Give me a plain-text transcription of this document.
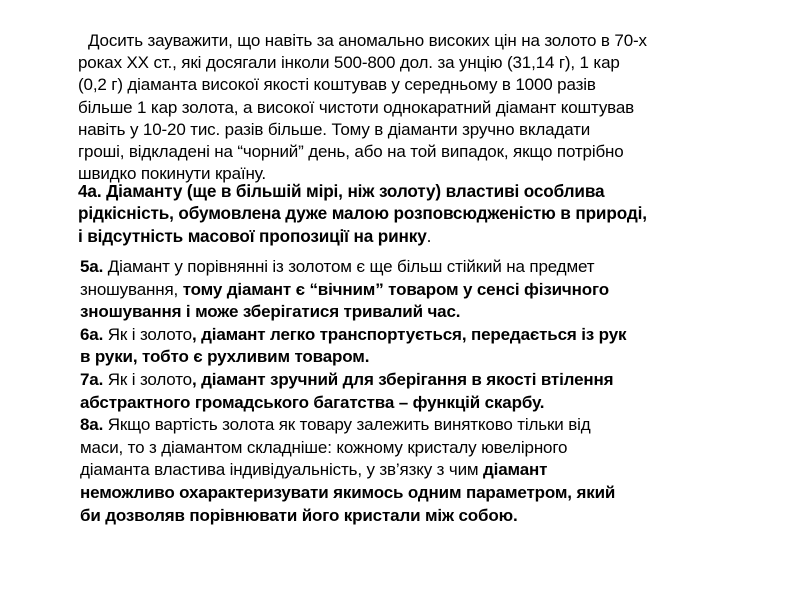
Досить зауважити, що навіть за аномально високих цін на золото в 70-х
роках XX ст., які досягали інколи 500-800 дол. за унцію (31,14 г), 1 кар
(0,2 г) діаманта високої якості коштував у середньому в 1000 разів
більше 1 кар золота, а високої чистоти однокаратний діамант коштував
навіть у 10-20 тис. разів більше. Тому в діаманти зручно вкладати
гроші, відкладені на “чорний” день, або на той випадок, якщо потрібно
швидко покинути країну.
4а. Діаманту (ще в більшій мірі, ніж золоту) властиві особлива
рідкісність, обумовлена дуже малою розповсюдженістю в природі,
і відсутність масової пропозиції на ринку.
5а. Діамант у порівнянні із золотом є ще більш стійкий на предмет
зношування, тому діамант є “вічним” товаром у сенсі фізичного
зношування і може зберігатися тривалий час.
6а. Як і золото, діамант легко транспортується, передається із рук
в руки, тобто є рухливим товаром.
7а. Як і золото, діамант зручний для зберігання в якості втілення
абстрактного громадського багатства – функцій скарбу.
8а. Якщо вартість золота як товару залежить винятково тільки від
маси, то з діамантом складніше: кожному кристалу ювелірного
діаманта властива індивідуальність, у зв’язку з чим діамант
неможливо охарактеризувати якимось одним параметром, який
би дозволяв порівнювати його кристали між собою.
